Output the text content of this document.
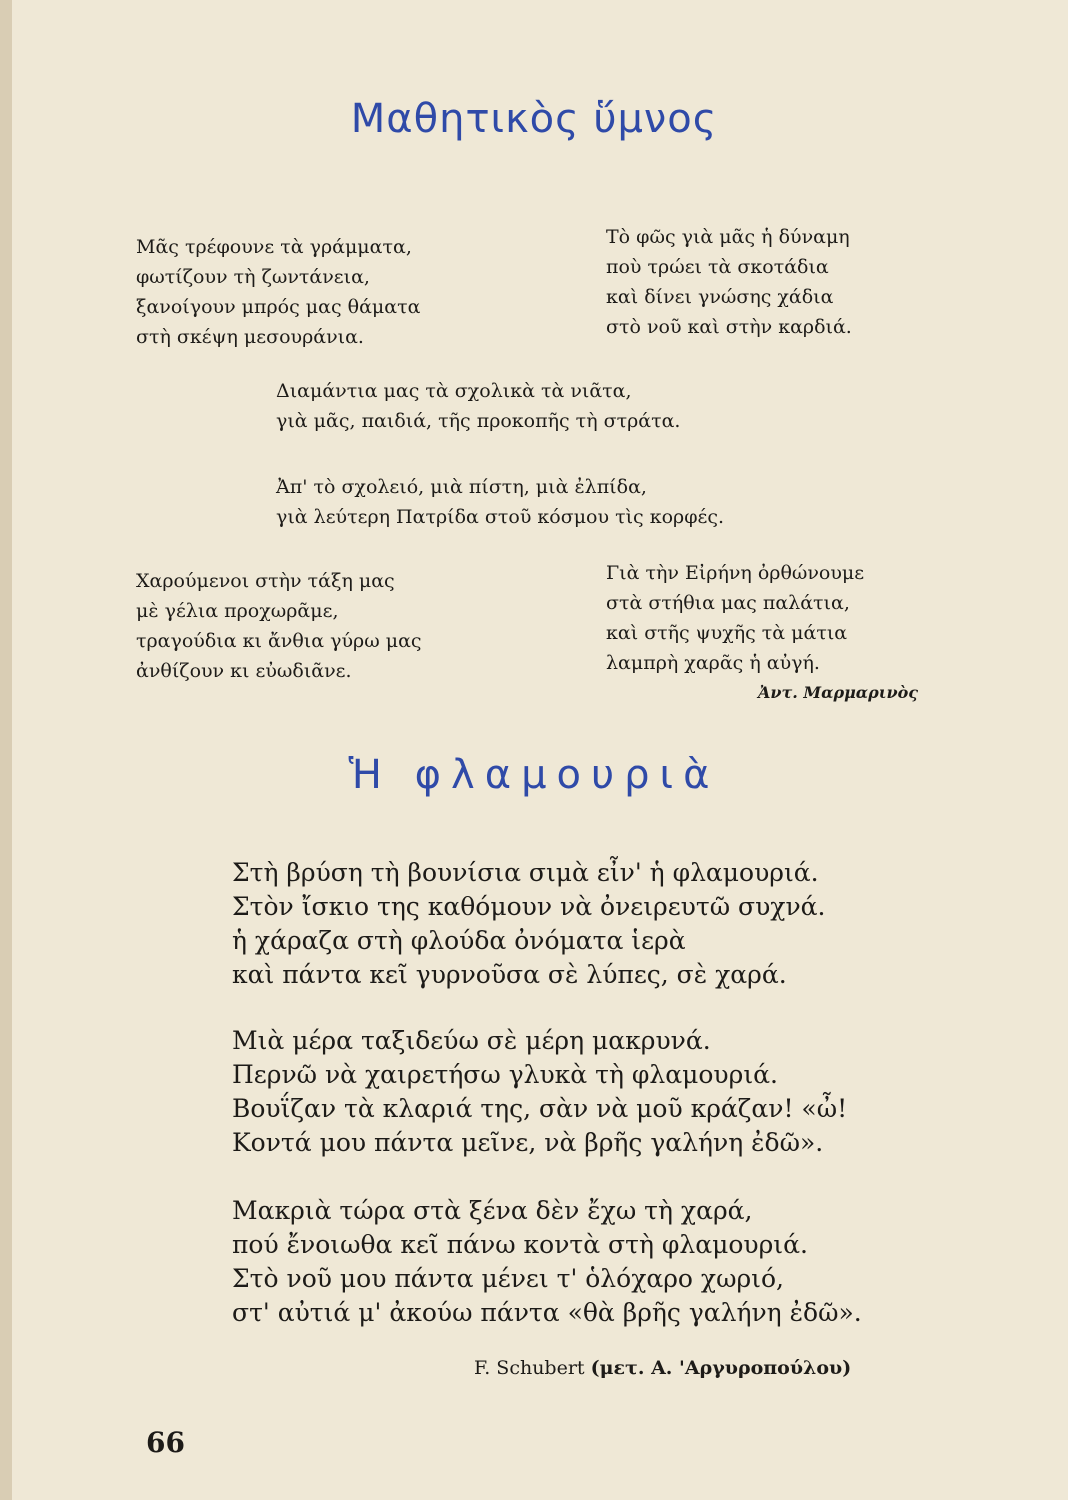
Μαθητικὸς ὕμνος
Μᾶς τρέφουνε τὰ γράμματα,
φωτίζουν τὴ ζωντάνεια,
ξανοίγουν μπρός μας θάματα
στὴ σκέψη μεσουράνια.
Τὸ φῶς γιὰ μᾶς ἡ δύναμη
ποὺ τρώει τὰ σκοτάδια
καὶ δίνει γνώσης χάδια
στὸ νοῦ καὶ στὴν καρδιά.
Διαμάντια μας τὰ σχολικὰ τὰ νιᾶτα,
γιὰ μᾶς, παιδιά, τῆς προκοπῆς τὴ στράτα.
Ἀπ' τὸ σχολειό, μιὰ πίστη, μιὰ ἐλπίδα,
γιὰ λεύτερη Πατρίδα στοῦ κόσμου τὶς κορφές.
Χαρούμενοι στὴν τάξη μας
μὲ γέλια προχωρᾶμε,
τραγούδια κι ἄνθια γύρω μας
ἀνθίζουν κι εὐωδιᾶνε.
Γιὰ τὴν Εἰρήνη ὀρθώνουμε
στὰ στήθια μας παλάτια,
καὶ στῆς ψυχῆς τὰ μάτια
λαμπρὴ χαρᾶς ἡ αὐγή.
Ἀντ. Μαρμαρινὸς
Ἡ φλαμουριὰ
Στὴ βρύση τὴ βουνίσια σιμὰ εἶν' ἡ φλαμουριά.
Στὸν ἴσκιο της καθόμουν νὰ ὀνειρευτῶ συχνά.
ἡ χάραζα στὴ φλούδα ὀνόματα ἱερὰ
καὶ πάντα κεῖ γυρνοῦσα σὲ λύπες, σὲ χαρά.
Μιὰ μέρα ταξιδεύω σὲ μέρη μακρυνά.
Περνῶ νὰ χαιρετήσω γλυκὰ τὴ φλαμουριά.
Βουΐζαν τὰ κλαριά της, σὰν νὰ μοῦ κράζαν! «ὦ!
Κοντά μου πάντα μεῖνε, νὰ βρῆς γαλήνη ἐδῶ».
Μακριὰ τώρα στὰ ξένα δὲν ἔχω τὴ χαρά,
πού ἔνοιωθα κεῖ πάνω κοντὰ στὴ φλαμουριά.
Στὸ νοῦ μου πάντα μένει τ' ὁλόχαρο χωριό,
στ' αὐτιά μ' ἀκούω πάντα «θὰ βρῆς γαλήνη ἐδῶ».
F. Schubert (μετ. Α. 'Αργυροπούλου)
66
